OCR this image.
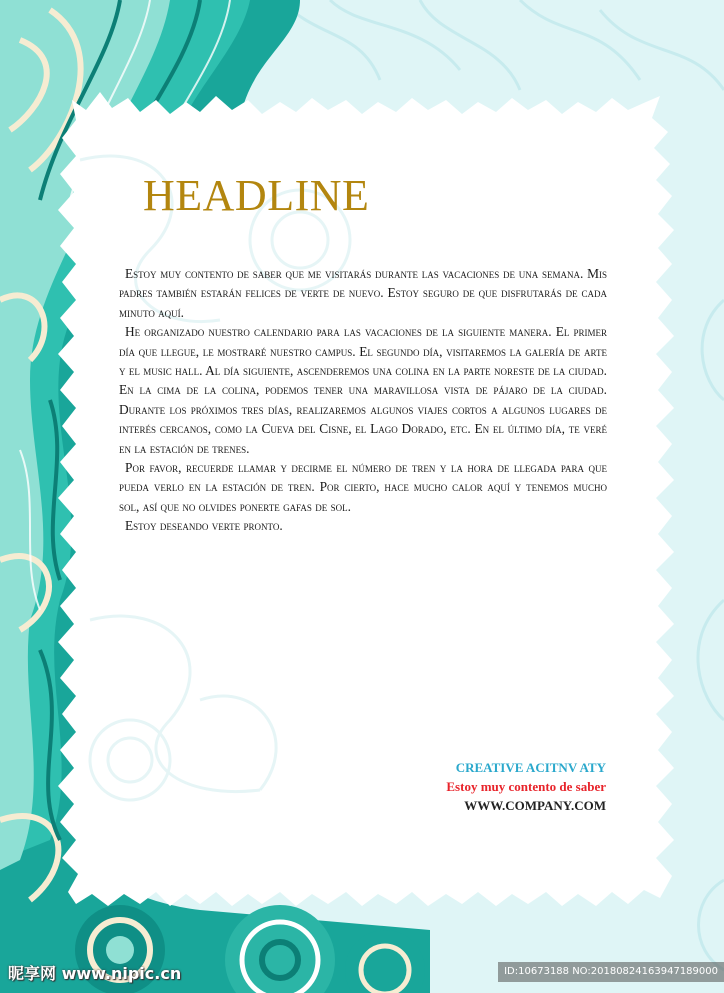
HEADLINE

Estoy muy contento de saber que me visitarás durante las vacaciones de una semana. Mis padres también estarán felices de verte de nuevo. Estoy seguro de que disfrutarás de cada minuto aquí.

He organizado nuestro calendario para las vacaciones de la siguiente manera. El primer día que llegue, le mostraré nuestro campus. El segundo día, visitaremos la galería de arte y el music hall. Al día siguiente, ascenderemos una colina en la parte noreste de la ciudad. En la cima de la colina, podemos tener una maravillosa vista de pájaro de la ciudad. Durante los próximos tres días, realizaremos algunos viajes cortos a algunos lugares de interés cercanos, como la Cueva del Cisne, el Lago Dorado, etc. En el último día, te veré en la estación de trenes.

Por favor, recuerde llamar y decirme el número de tren y la hora de llegada para que pueda verlo en la estación de tren. Por cierto, hace mucho calor aquí y tenemos mucho sol, así que no olvides ponerte gafas de sol.

Estoy deseando verte pronto.

CREATIVE ACITNV ATY
Estoy muy contento de saber
WWW.COMPANY.COM
昵享网 www.nipic.cn	ID:10673188 NO:20180824163947189000
